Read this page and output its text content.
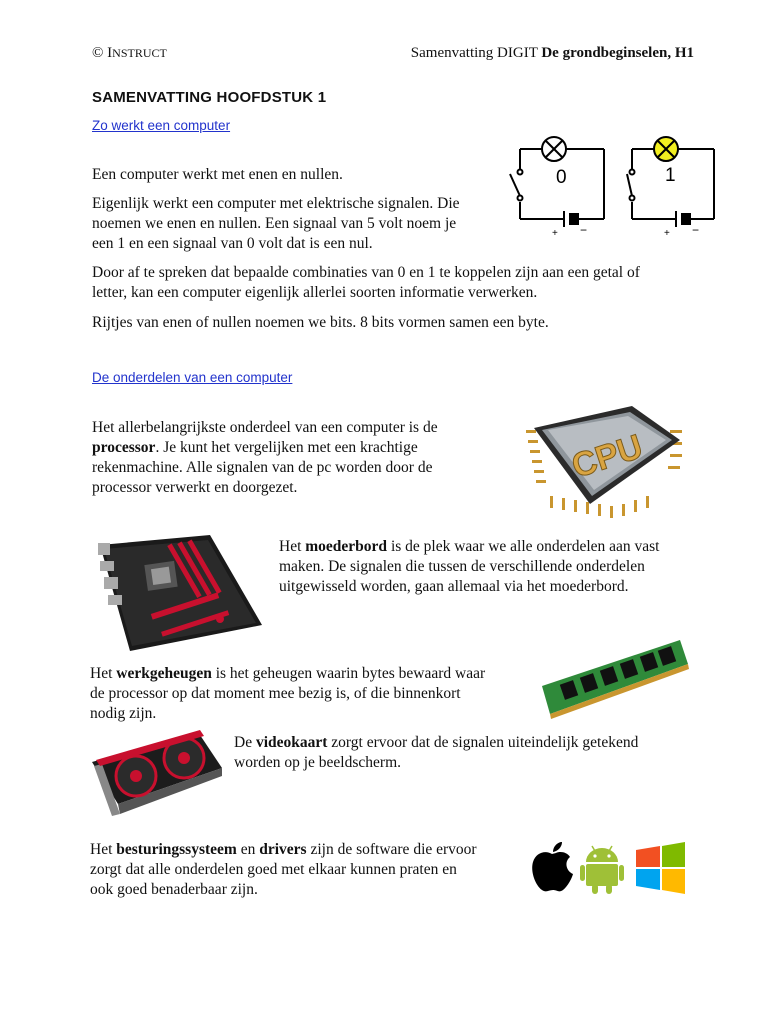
© INSTRUCT	Samenvatting DIGIT De grondbeginselen, H1
SAMENVATTING HOOFDSTUK 1
Zo werkt een computer

Een computer werkt met enen en nullen.

Eigenlijk werkt een computer met elektrische signalen. Die
noemen we enen en nullen. Een signaal van 5 volt noem je
een 1 en een signaal van 0 volt dat is een nul.
Door af te spreken dat bepaalde combinaties van 0 en 1 te koppelen zijn aan een getal of
letter, kan een computer eigenlijk allerlei soorten informatie verwerken.

Rijtjes van enen of nullen noemen we bits. 8 bits vormen samen een byte.

0
+ −
1
+ −
De onderdelen van een computer
Het allerbelangrijkste onderdeel van een computer is de
processor. Je kunt het vergelijken met een krachtige
rekenmachine. Alle signalen van de pc worden door de
processor verwerkt en doorgezet.
CPU
Het moederbord is de plek waar we alle onderdelen aan vast
maken. De signalen die tussen de verschillende onderdelen
uitgewisseld worden, gaan allemaal via het moederbord.
Het werkgeheugen is het geheugen waarin bytes bewaard waar
de processor op dat moment mee bezig is, of die binnenkort
nodig zijn.
De videokaart zorgt ervoor dat de signalen uiteindelijk getekend
worden op je beeldscherm.
Het besturingssysteem en drivers zijn de software die ervoor
zorgt dat alle onderdelen goed met elkaar kunnen praten en
ook goed benaderbaar zijn.
